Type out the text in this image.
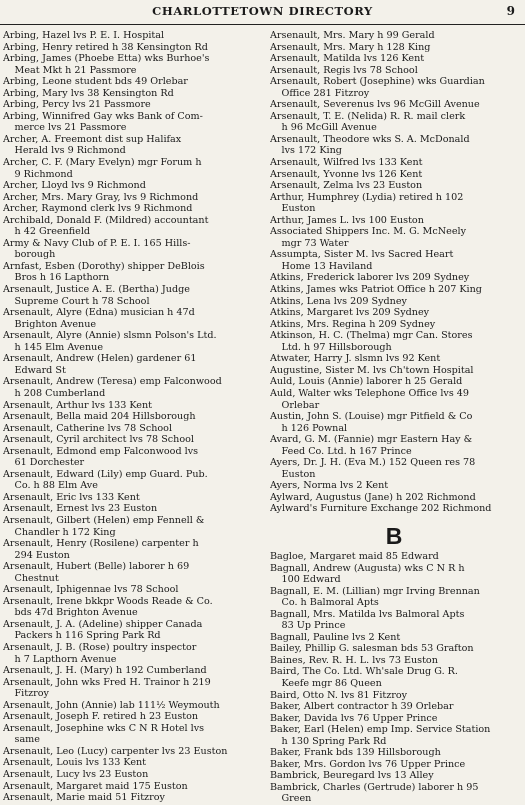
CHARLOTTETOWN DIRECTORY	9
Arbing, Hazel lvs P. E. I. Hospital
Arbing, Henry retired h 38 Kensington Rd
Arbing, James (Phoebe Etta) wks Burhoe's
Meat Mkt h 21 Passmore
Arbing, Leone student bds 49 Orlebar
Arbing, Mary lvs 38 Kensington Rd
Arbing, Percy lvs 21 Passmore
Arbing, Winnifred Gay wks Bank of Com-
merce lvs 21 Passmore
Archer, A. Freemont dist sup Halifax
Herald lvs 9 Richmond
Archer, C. F. (Mary Evelyn) mgr Forum h
9 Richmond
Archer, Lloyd lvs 9 Richmond
Archer, Mrs. Mary Gray, lvs 9 Richmond
Archer, Raymond clerk lvs 9 Richmond
Archibald, Donald F. (Mildred) accountant
h 42 Greenfield
Army & Navy Club of P. E. I. 165 Hills-
borough
Arnfast, Esben (Dorothy) shipper DeBlois
Bros h 16 Lapthorn
Arsenault, Justice A. E. (Bertha) Judge
Supreme Court h 78 School
Arsenault, Alyre (Edna) musician h 47d
Brighton Avenue
Arsenault, Alyre (Annie) slsmn Polson's Ltd.
h 145 Elm Avenue
Arsenault, Andrew (Helen) gardener 61
Edward St
Arsenault, Andrew (Teresa) emp Falconwood
h 208 Cumberland
Arsenault, Arthur lvs 133 Kent
Arsenault, Bella maid 204 Hillsborough
Arsenault, Catherine lvs 78 School
Arsenault, Cyril architect lvs 78 School
Arsenault, Edmond emp Falconwood lvs
61 Dorchester
Arsenault, Edward (Lily) emp Guard. Pub.
Co. h 88 Elm Ave
Arsenault, Eric lvs 133 Kent
Arsenault, Ernest lvs 23 Euston
Arsenault, Gilbert (Helen) emp Fennell &
Chandler h 172 King
Arsenault, Henry (Rosilene) carpenter h
294 Euston
Arsenault, Hubert (Belle) laborer h 69
Chestnut
Arsenault, Iphigennae lvs 78 School
Arsenault, Irene bkkpr Woods Reade & Co.
bds 47d Brighton Avenue
Arsenault, J. A. (Adeline) shipper Canada
Packers h 116 Spring Park Rd
Arsenault, J. B. (Rose) poultry inspector
h 7 Lapthorn Avenue
Arsenault, J. H. (Mary) h 192 Cumberland
Arsenault, John wks Fred H. Trainor h 219
Fitzroy
Arsenault, John (Annie) lab 111½ Weymouth
Arsenault, Joseph F. retired h 23 Euston
Arsenault, Josephine wks C N R Hotel lvs
same
Arsenault, Leo (Lucy) carpenter lvs 23 Euston
Arsenault, Louis lvs 133 Kent
Arsenault, Lucy lvs 23 Euston
Arsenault, Margaret maid 175 Euston
Arsenault, Marie maid 51 Fitzroy
Arsenault, Mrs. Mary h 99 Gerald
Arsenault, Mrs. Mary h 128 King
Arsenault, Matilda lvs 126 Kent
Arsenault, Regis lvs 78 School
Arsenault, Robert (Josephine) wks Guardian
Office 281 Fitzroy
Arsenault, Severenus lvs 96 McGill Avenue
Arsenault, T. E. (Nelida) R. R. mail clerk
h 96 McGill Avenue
Arsenault, Theodore wks S. A. McDonald
lvs 172 King
Arsenault, Wilfred lvs 133 Kent
Arsenault, Yvonne lvs 126 Kent
Arsenault, Zelma lvs 23 Euston
Arthur, Humphrey (Lydia) retired h 102
Euston
Arthur, James L. lvs 100 Euston
Associated Shippers Inc. M. G. McNeely
mgr 73 Water
Assumpta, Sister M. lvs Sacred Heart
Home 13 Haviland
Atkins, Frederick laborer lvs 209 Sydney
Atkins, James wks Patriot Office h 207 King
Atkins, Lena lvs 209 Sydney
Atkins, Margaret lvs 209 Sydney
Atkins, Mrs. Regina h 209 Sydney
Atkinson, H. C. (Thelma) mgr Can. Stores
Ltd. h 97 Hillsborough
Atwater, Harry J. slsmn lvs 92 Kent
Augustine, Sister M. lvs Ch'town Hospital
Auld, Louis (Annie) laborer h 25 Gerald
Auld, Walter wks Telephone Office lvs 49
Orlebar
Austin, John S. (Louise) mgr Pitfield & Co
h 126 Pownal
Avard, G. M. (Fannie) mgr Eastern Hay &
Feed Co. Ltd. h 167 Prince
Ayers, Dr. J. H. (Eva M.) 152 Queen res 78
Euston
Ayers, Norma lvs 2 Kent
Aylward, Augustus (Jane) h 202 Richmond
Aylward's Furniture Exchange 202 Richmond
B
Bagloe, Margaret maid 85 Edward
Bagnall, Andrew (Augusta) wks C N R h
100 Edward
Bagnall, E. M. (Lillian) mgr Irving Brennan
Co. h Balmoral Apts
Bagnall, Mrs. Matilda lvs Balmoral Apts
83 Up Prince
Bagnall, Pauline lvs 2 Kent
Bailey, Phillip G. salesman bds 53 Grafton
Baines, Rev. R. H. L. lvs 73 Euston
Baird, The Co. Ltd. Wh'sale Drug G. R.
Keefe mgr 86 Queen
Baird, Otto N. lvs 81 Fitzroy
Baker, Albert contractor h 39 Orlebar
Baker, Davida lvs 76 Upper Prince
Baker, Earl (Helen) emp Imp. Service Station
h 130 Spring Park Rd
Baker, Frank bds 139 Hillsborough
Baker, Mrs. Gordon lvs 76 Upper Prince
Bambrick, Beuregard lvs 13 Alley
Bambrick, Charles (Gertrude) laborer h 95
Green
